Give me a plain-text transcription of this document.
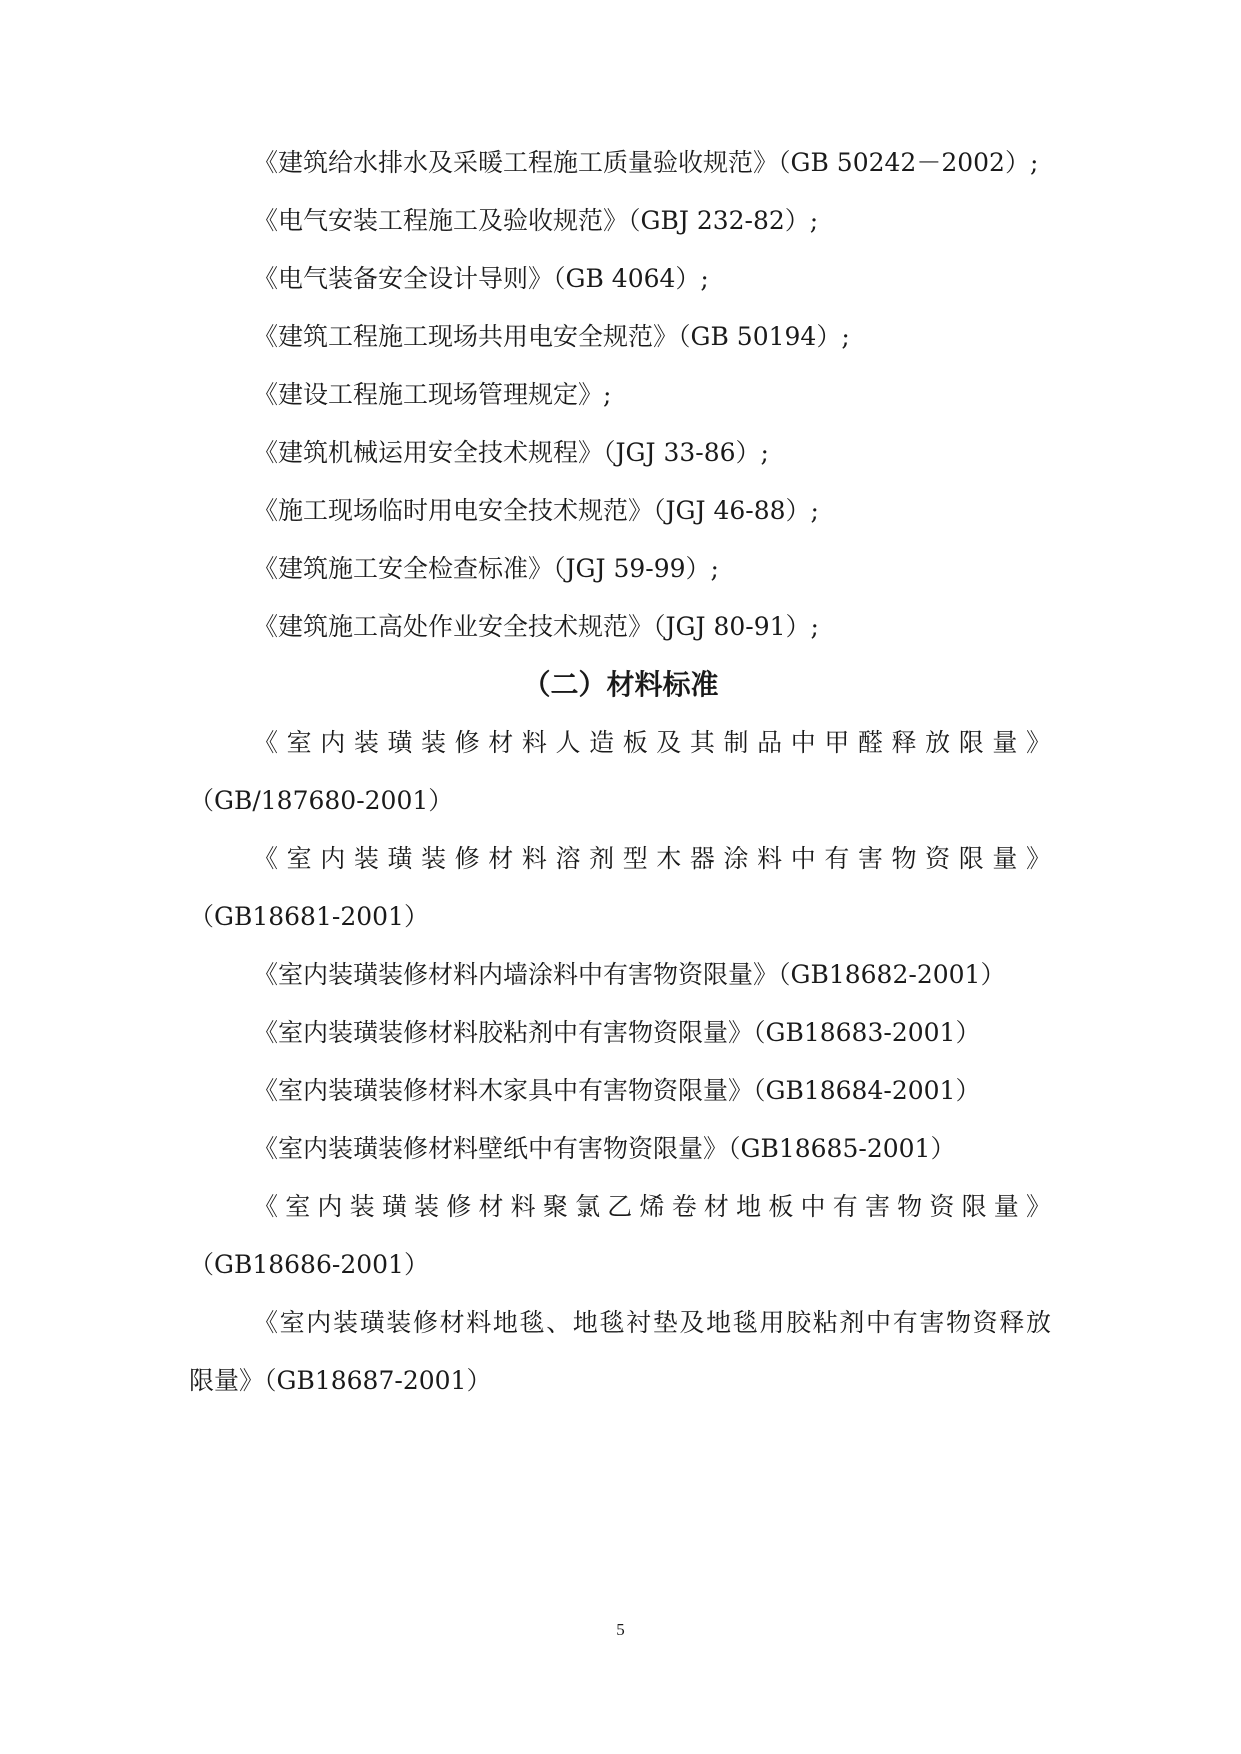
《建筑给水排水及采暖工程施工质量验收规范》（GB 50242－2002）;
《电气安装工程施工及验收规范》（GBJ 232-82）;
《电气装备安全设计导则》（GB 4064）;
《建筑工程施工现场共用电安全规范》（GB 50194）;
《建设工程施工现场管理规定》;
《建筑机械运用安全技术规程》（JGJ 33-86）;
《施工现场临时用电安全技术规范》（JGJ 46-88）;
《建筑施工安全检查标准》（JGJ 59-99）;
《建筑施工高处作业安全技术规范》（JGJ 80-91）;
（二）材料标准
《室内装璜装修材料人造板及其制品中甲醛释放限量》
（GB/187680-2001）
《室内装璜装修材料溶剂型木器涂料中有害物资限量》
（GB18681-2001）
《室内装璜装修材料内墙涂料中有害物资限量》（GB18682-2001）
《室内装璜装修材料胶粘剂中有害物资限量》（GB18683-2001）
《室内装璜装修材料木家具中有害物资限量》（GB18684-2001）
《室内装璜装修材料壁纸中有害物资限量》（GB18685-2001）
《室内装璜装修材料聚氯乙烯卷材地板中有害物资限量》
（GB18686-2001）
《室内装璜装修材料地毯、地毯衬垫及地毯用胶粘剂中有害物资释放
限量》（GB18687-2001）
5
